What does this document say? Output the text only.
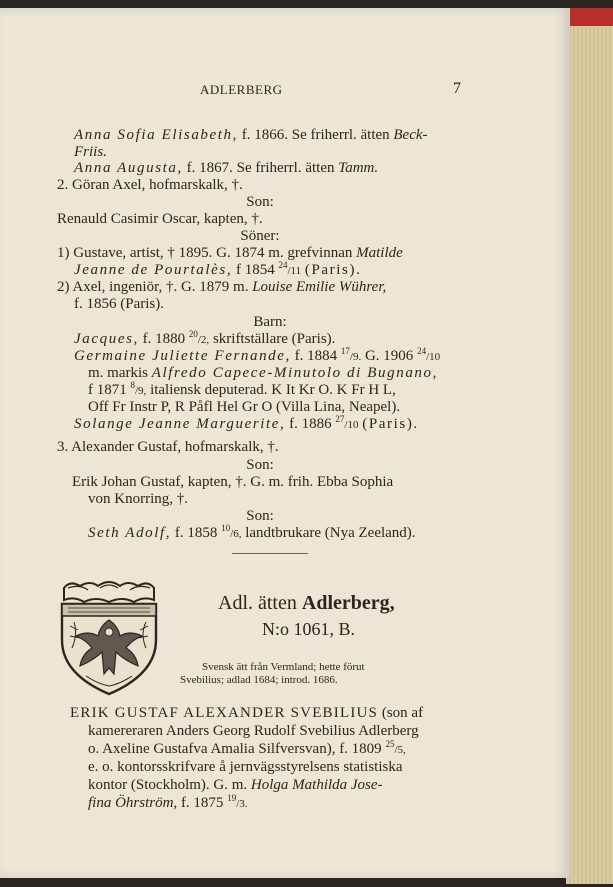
ADLERBERG	7
Anna Sofia Elisabeth, f. 1866. Se friherrl. ätten Beck-
Friis.
Anna Augusta, f. 1867. Se friherrl. ätten Tamm.
2. Göran Axel, hofmarskalk, †.
Son:
Renauld Casimir Oscar, kapten, †.
Söner:
1) Gustave, artist, † 1895. G. 1874 m. grefvinnan Matilde
Jeanne de Pourtalès, f 1854 $^{24}$/11 (Paris).
2) Axel, ingeniör, †. G. 1879 m. Louise Emilie Wührer,
f. 1856 (Paris).
Barn:
Jacques, f. 1880 $^{20}$/2, skriftställare (Paris).
Germaine Juliette Fernande, f. 1884 $^{17}$/9. G. 1906 $^{24}$/10
m. markis Alfredo Capece-Minutolo di Bugnano,
f 1871 $^8$/9, italiensk deputerad. K It Kr O. K Fr H L,
Off Fr Instr P, R Påfl Hel Gr O (Villa Lina, Neapel).
Solange Jeanne Marguerite, f. 1886 $^{27}$/10 (Paris).
3. Alexander Gustaf, hofmarskalk, †.
Son:
Erik Johan Gustaf, kapten, †. G. m. frih. Ebba Sophia
von Knorring, †.
Son:
Seth Adolf, f. 1858 $^{10}$/6, landtbrukare (Nya Zeeland).
Adl. ätten Adlerberg,
N:o 1061, B.
Svensk ätt från Vermland; hette förut
Svebilius; adlad 1684; introd. 1686.
ERIK GUSTAF ALEXANDER SVEBILIUS (son af
kamereraren Anders Georg Rudolf Svebilius Adlerberg
o. Axeline Gustafva Amalia Silfversvan), f. 1809 $^{25}$/5,
e. o. kontorsskrifvare å jernvägsstyrelsens statistiska
kontor (Stockholm). G. m. Holga Mathilda Jose-
fina Öhrström, f. 1875 $^{19}$/3.
